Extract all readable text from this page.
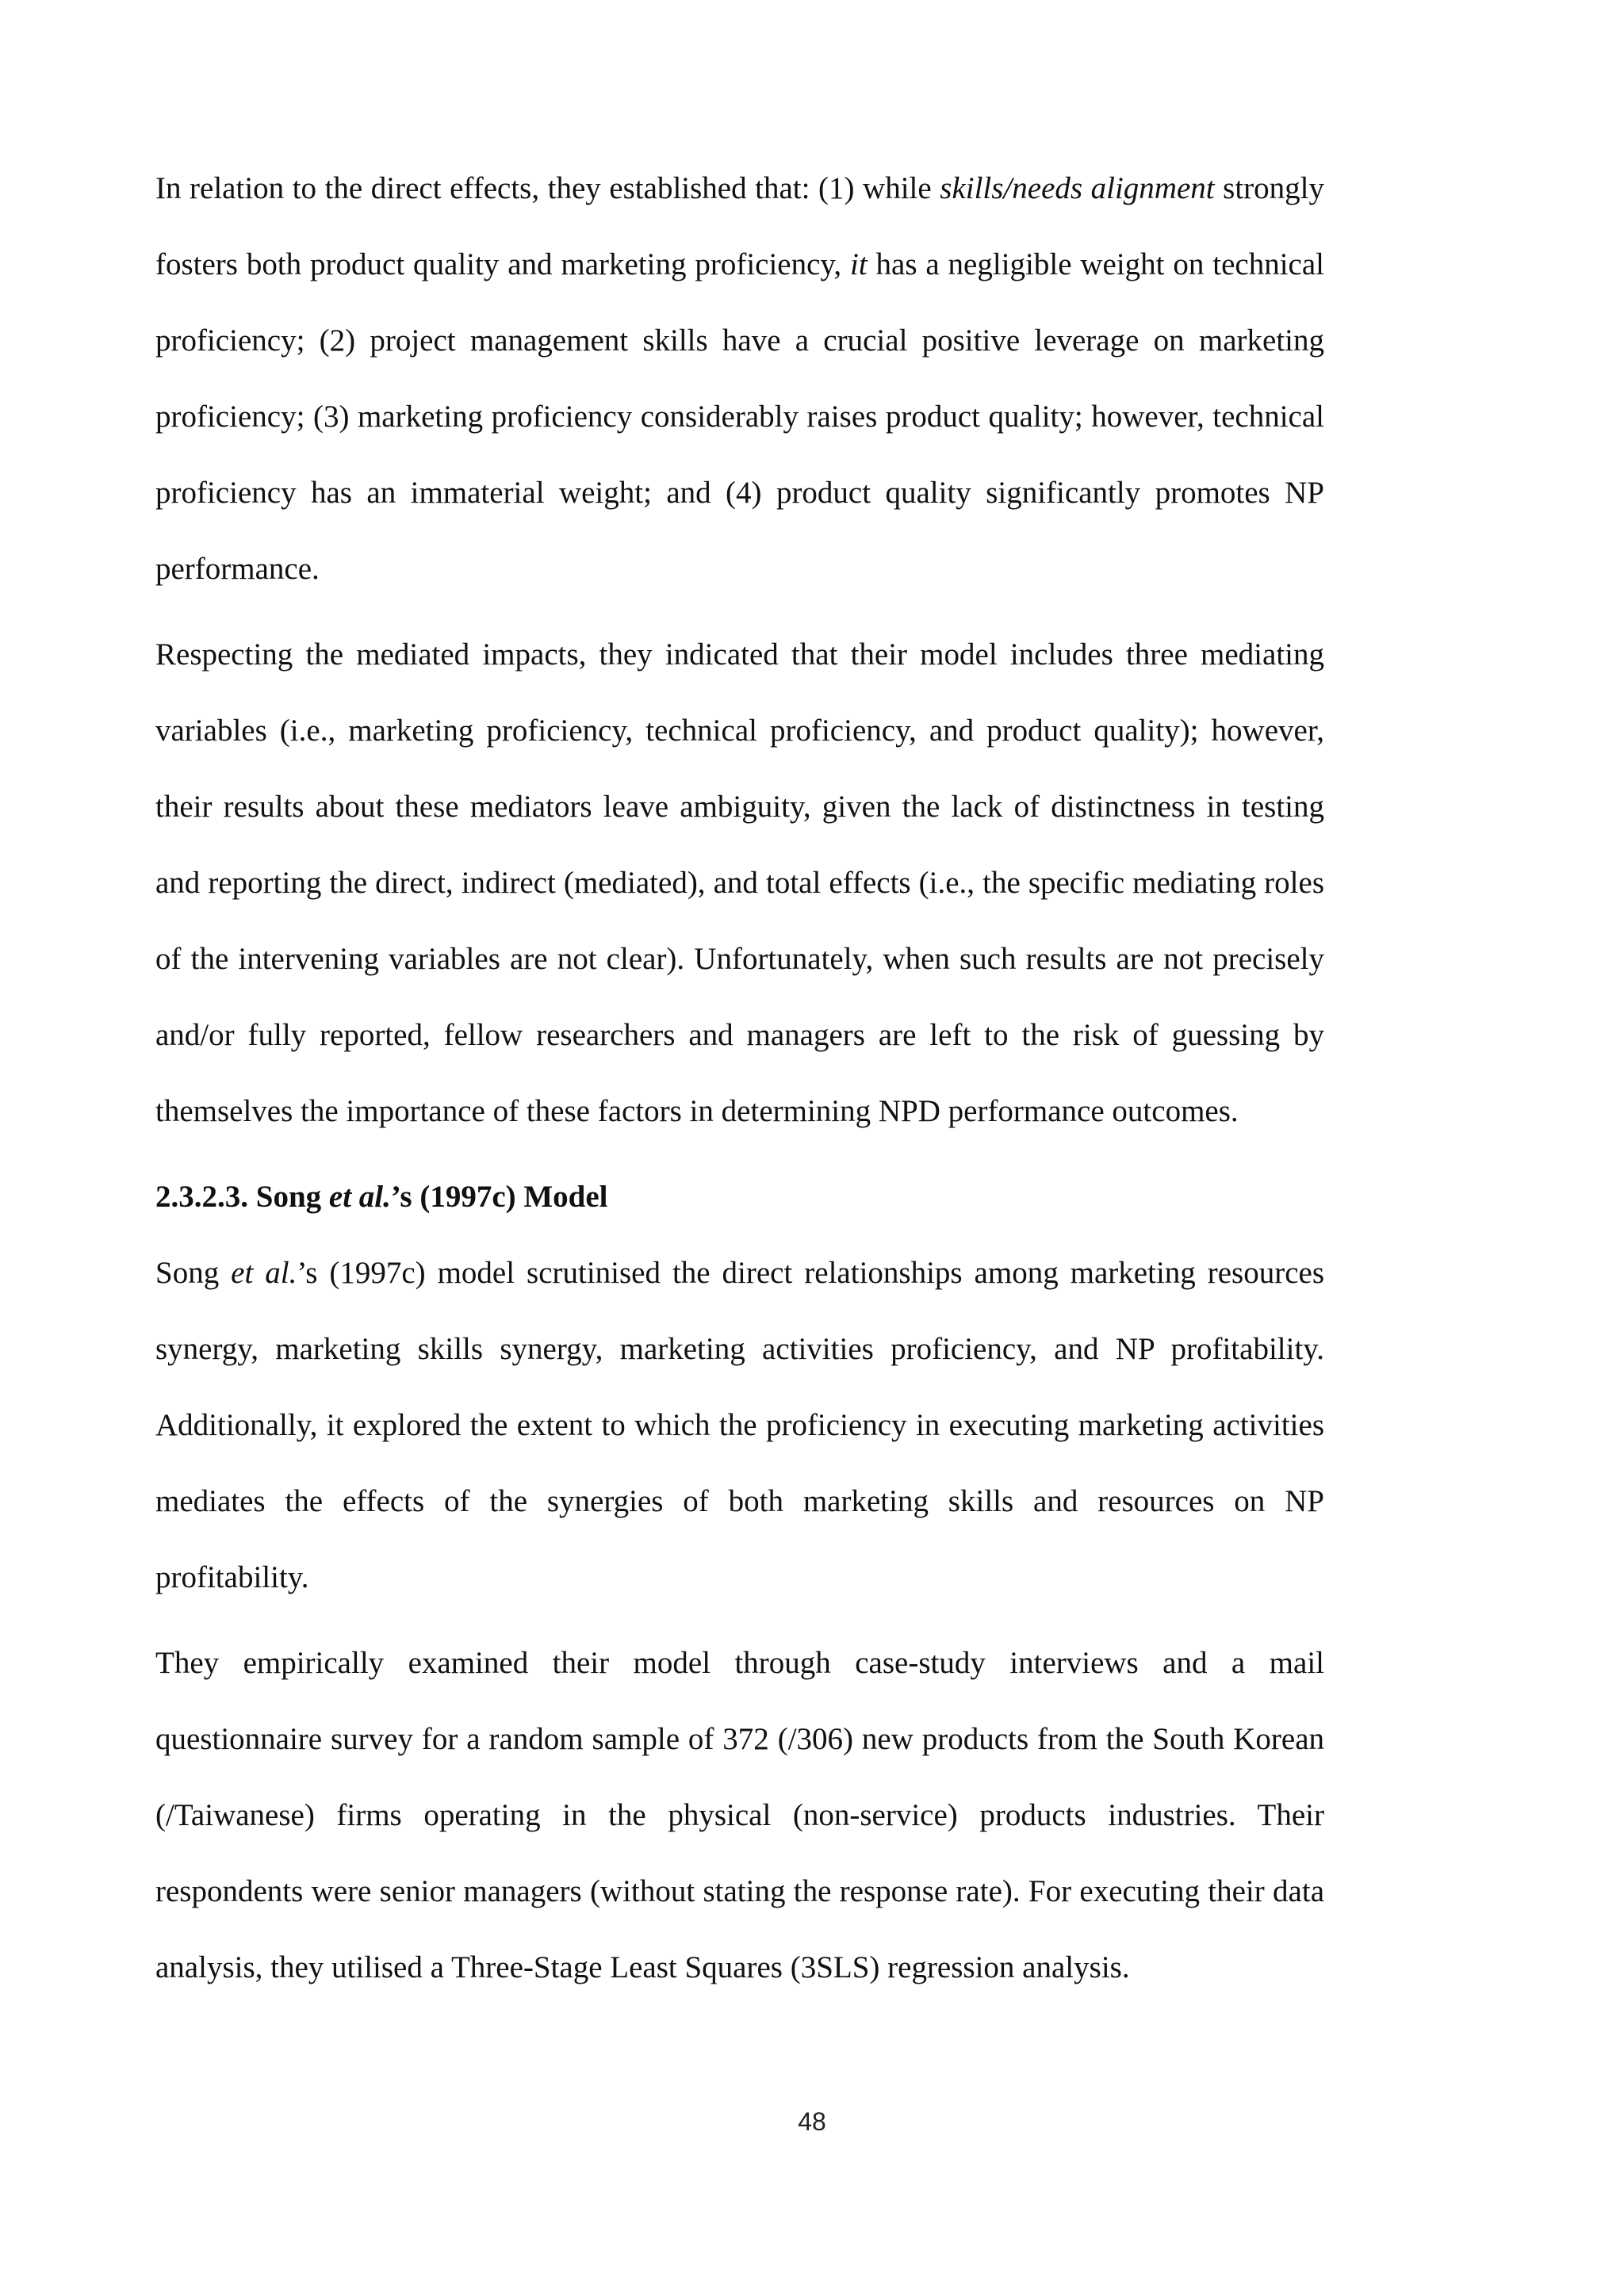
In relation to the direct effects, they established that: (1) while skills/needs alignment strongly fosters both product quality and marketing proficiency, it has a negligible weight on technical proficiency; (2) project management skills have a crucial positive leverage on marketing proficiency; (3) marketing proficiency considerably raises product quality; however, technical proficiency has an immaterial weight; and (4) product quality significantly promotes NP performance.

Respecting the mediated impacts, they indicated that their model includes three mediating variables (i.e., marketing proficiency, technical proficiency, and product quality); however, their results about these mediators leave ambiguity, given the lack of distinctness in testing and reporting the direct, indirect (mediated), and total effects (i.e., the specific mediating roles of the intervening variables are not clear). Unfortunately, when such results are not precisely and/or fully reported, fellow researchers and managers are left to the risk of guessing by themselves the importance of these factors in determining NPD performance outcomes.

2.3.2.3. Song et al.’s (1997c) Model

Song et al.’s (1997c) model scrutinised the direct relationships among marketing resources synergy, marketing skills synergy, marketing activities proficiency, and NP profitability. Additionally, it explored the extent to which the proficiency in executing marketing activities mediates the effects of the synergies of both marketing skills and resources on NP profitability.

They empirically examined their model through case-study interviews and a mail questionnaire survey for a random sample of 372 (/306) new products from the South Korean (/Taiwanese) firms operating in the physical (non-service) products industries. Their respondents were senior managers (without stating the response rate). For executing their data analysis, they utilised a Three-Stage Least Squares (3SLS) regression analysis.

48
